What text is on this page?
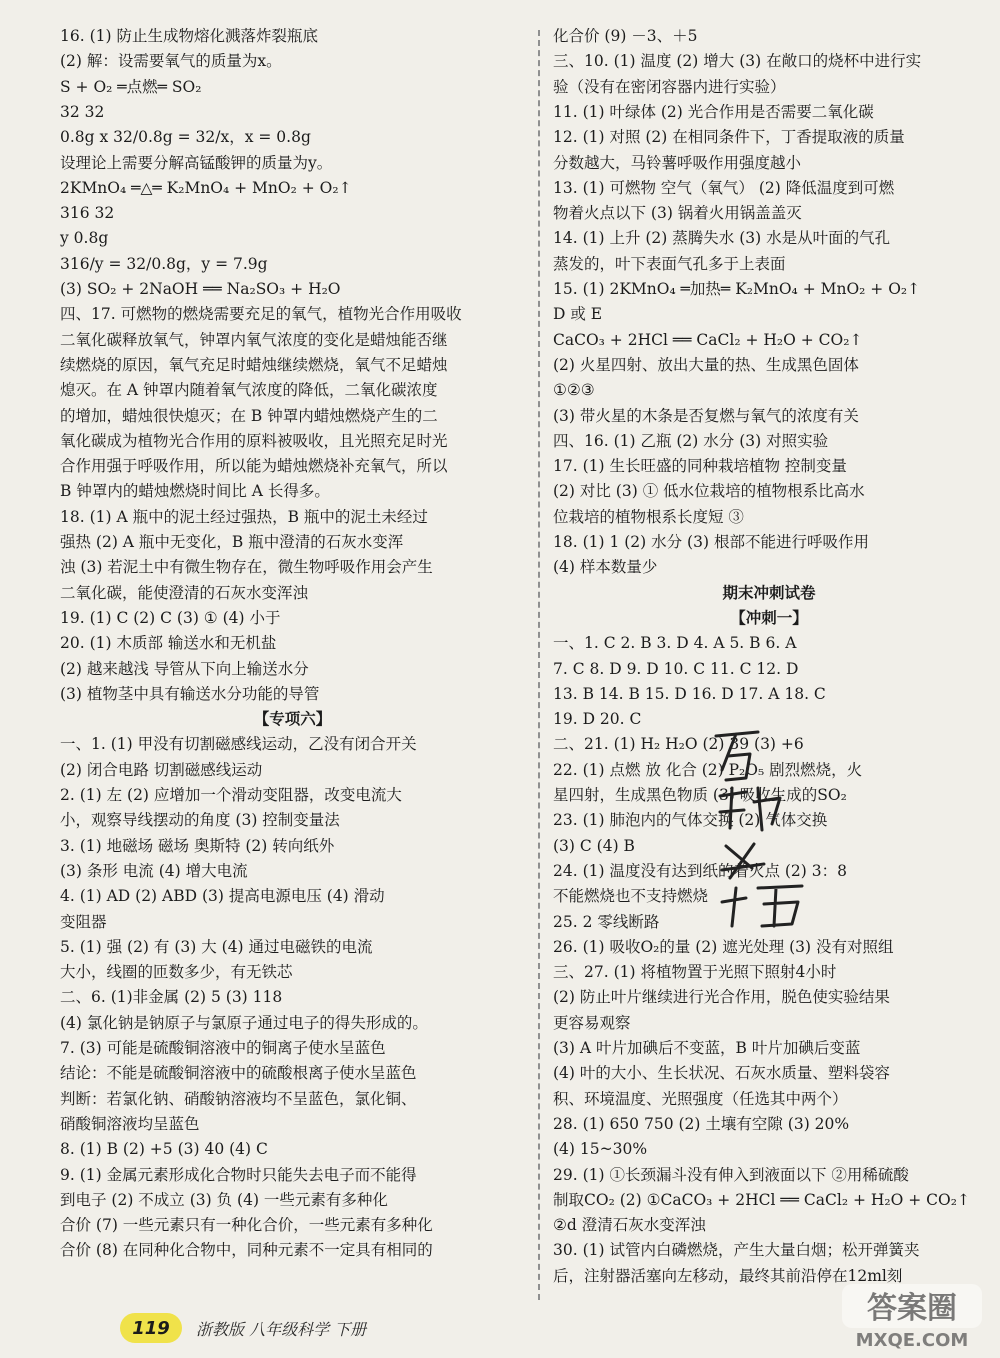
16. (1) 防止生成物熔化溅落炸裂瓶底
(2) 解：设需要氧气的质量为x。
S + O₂ ═点燃═ SO₂
32 32
0.8g x 32/0.8g = 32/x，x = 0.8g
设理论上需要分解高锰酸钾的质量为y。
2KMnO₄ ═△═ K₂MnO₄ + MnO₂ + O₂↑
316 32
y 0.8g
316/y = 32/0.8g，y = 7.9g
(3) SO₂ + 2NaOH ══ Na₂SO₃ + H₂O
四、17. 可燃物的燃烧需要充足的氧气，植物光合作用吸收
二氧化碳释放氧气，钟罩内氧气浓度的变化是蜡烛能否继
续燃烧的原因，氧气充足时蜡烛继续燃烧，氧气不足蜡烛
熄灭。在 A 钟罩内随着氧气浓度的降低，二氧化碳浓度
的增加，蜡烛很快熄灭；在 B 钟罩内蜡烛燃烧产生的二
氧化碳成为植物光合作用的原料被吸收，且光照充足时光
合作用强于呼吸作用，所以能为蜡烛燃烧补充氧气，所以
B 钟罩内的蜡烛燃烧时间比 A 长得多。
18. (1) A 瓶中的泥土经过强热，B 瓶中的泥土未经过
强热 (2) A 瓶中无变化，B 瓶中澄清的石灰水变浑
浊 (3) 若泥土中有微生物存在，微生物呼吸作用会产生
二氧化碳，能使澄清的石灰水变浑浊
19. (1) C (2) C (3) ① (4) 小于
20. (1) 木质部 输送水和无机盐
(2) 越来越浅 导管从下向上输送水分
(3) 植物茎中具有输送水分功能的导管
【专项六】
一、1. (1) 甲没有切割磁感线运动，乙没有闭合开关
(2) 闭合电路 切割磁感线运动
2. (1) 左 (2) 应增加一个滑动变阻器，改变电流大
小，观察导线摆动的角度 (3) 控制变量法
3. (1) 地磁场 磁场 奥斯特 (2) 转向纸外
(3) 条形 电流 (4) 增大电流
4. (1) AD (2) ABD (3) 提高电源电压 (4) 滑动
变阻器
5. (1) 强 (2) 有 (3) 大 (4) 通过电磁铁的电流
大小，线圈的匝数多少，有无铁芯
二、6. (1)非金属 (2) 5 (3) 118
(4) 氯化钠是钠原子与氯原子通过电子的得失形成的。
7. (3) 可能是硫酸铜溶液中的铜离子使水呈蓝色
结论：不能是硫酸铜溶液中的硫酸根离子使水呈蓝色
判断：若氯化钠、硝酸钠溶液均不呈蓝色，氯化铜、
硝酸铜溶液均呈蓝色
8. (1) B (2) +5 (3) 40 (4) C
9. (1) 金属元素形成化合物时只能失去电子而不能得
到电子 (2) 不成立 (3) 负 (4) 一些元素有多种化
合价 (7) 一些元素只有一种化合价，一些元素有多种化
合价 (8) 在同种化合物中，同种元素不一定具有相同的
化合价 (9) －3、＋5
三、10. (1) 温度 (2) 增大 (3) 在敞口的烧杯中进行实
验（没有在密闭容器内进行实验）
11. (1) 叶绿体 (2) 光合作用是否需要二氧化碳
12. (1) 对照 (2) 在相同条件下，丁香提取液的质量
分数越大，马铃薯呼吸作用强度越小
13. (1) 可燃物 空气（氧气） (2) 降低温度到可燃
物着火点以下 (3) 锅着火用锅盖盖灭
14. (1) 上升 (2) 蒸腾失水 (3) 水是从叶面的气孔
蒸发的，叶下表面气孔多于上表面
15. (1) 2KMnO₄ ═加热═ K₂MnO₄ + MnO₂ + O₂↑
D 或 E
CaCO₃ + 2HCl ══ CaCl₂ + H₂O + CO₂↑
(2) 火星四射、放出大量的热、生成黑色固体
①②③
(3) 带火星的木条是否复燃与氧气的浓度有关
四、16. (1) 乙瓶 (2) 水分 (3) 对照实验
17. (1) 生长旺盛的同种栽培植物 控制变量
(2) 对比 (3) ① 低水位栽培的植物根系比高水
位栽培的植物根系长度短 ③
18. (1) 1 (2) 水分 (3) 根部不能进行呼吸作用
(4) 样本数量少
期末冲刺试卷
【冲刺一】
一、1. C 2. B 3. D 4. A 5. B 6. A
7. C 8. D 9. D 10. C 11. C 12. D
13. B 14. B 15. D 16. D 17. A 18. C
19. D 20. C
二、21. (1) H₂ H₂O (2) 39 (3) +6
22. (1) 点燃 放 化合 (2) P₂O₅ 剧烈燃烧，火
星四射，生成黑色物质 (3) 吸收生成的SO₂
23. (1) 肺泡内的气体交换 (2) 气体交换
(3) C (4) B
24. (1) 温度没有达到纸的着火点 (2) 3：8
不能燃烧也不支持燃烧
25. 2 零线断路
26. (1) 吸收O₂的量 (2) 遮光处理 (3) 没有对照组
三、27. (1) 将植物置于光照下照射4小时
(2) 防止叶片继续进行光合作用，脱色使实验结果
更容易观察
(3) A 叶片加碘后不变蓝，B 叶片加碘后变蓝
(4) 叶的大小、生长状况、石灰水质量、塑料袋容
积、环境温度、光照强度（任选其中两个）
28. (1) 650 750 (2) 土壤有空隙 (3) 20%
(4) 15~30%
29. (1) ①长颈漏斗没有伸入到液面以下 ②用稀硫酸
制取CO₂ (2) ①CaCO₃ + 2HCl ══ CaCl₂ + H₂O + CO₂↑
②d 澄清石灰水变浑浊
30. (1) 试管内白磷燃烧，产生大量白烟；松开弹簧夹
后，注射器活塞向左移动，最终其前沿停在12ml刻
答案圈
MXQE.COM
119	浙教版 八年级科学 下册
